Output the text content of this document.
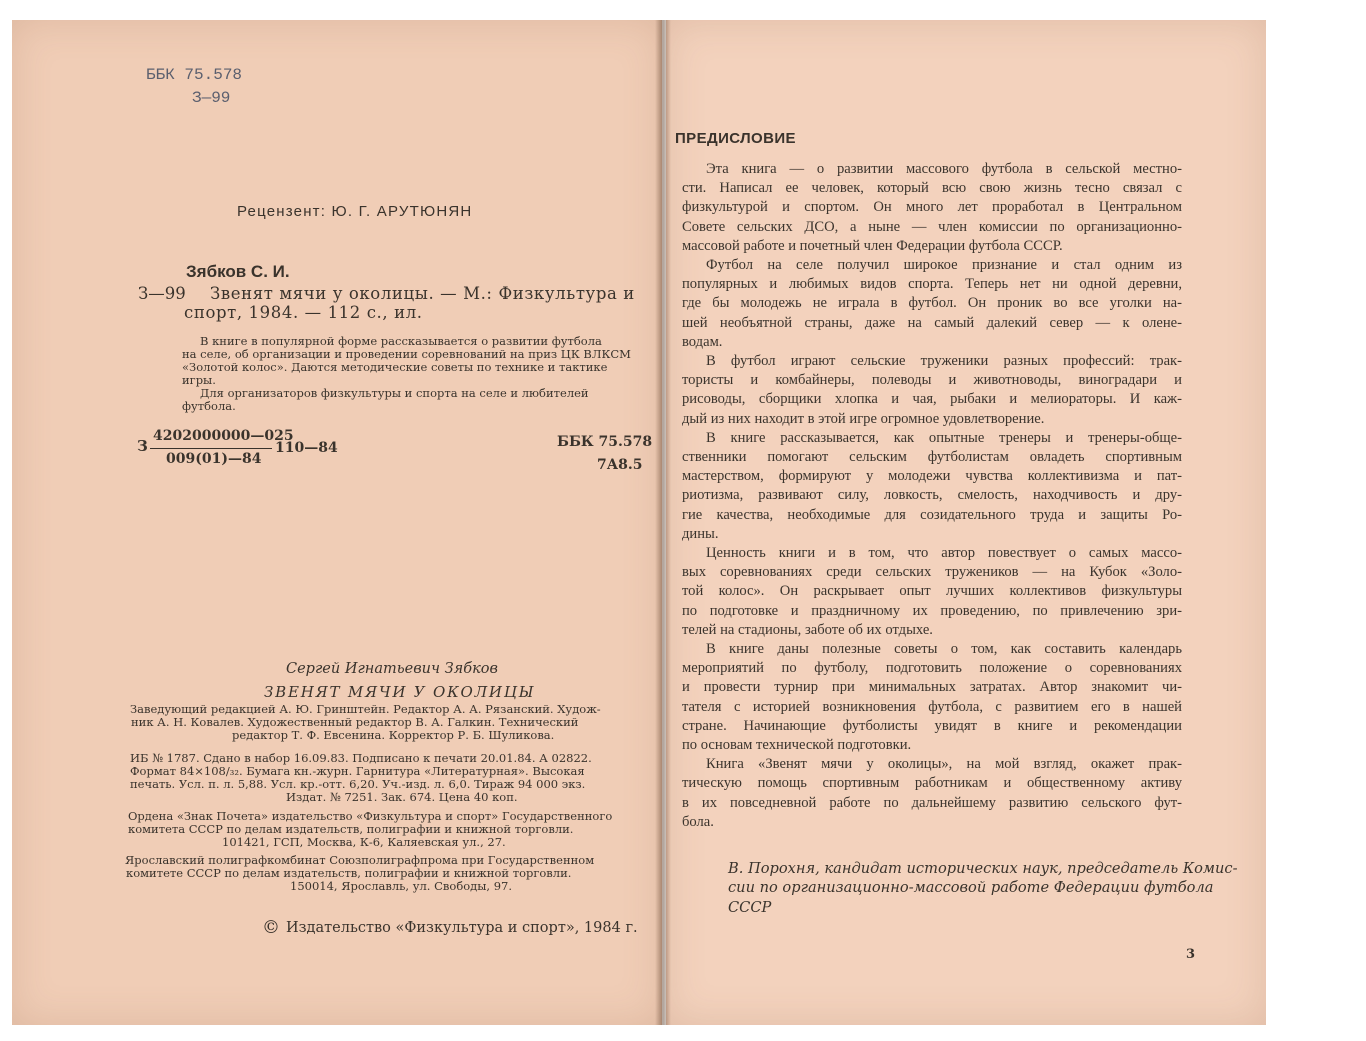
ББК 75.578
З—99
Рецензент: Ю. Г. АРУТЮНЯН
Зябков С. И.
З—99 Звенят мячи у околицы. — М.: Физкультура и
спорт, 1984. — 112 с., ил.
В книге в популярной форме рассказывается о развитии футбола
на селе, об организации и проведении соревнований на приз ЦК ВЛКСМ
«Золотой колос». Даются методические советы по технике и тактике
игры.
Для организаторов физкультуры и спорта на селе и любителей
футбола.
З
4202000000—025
009(01)—84
110—84	ББК 75.578
7А8.5
Сергей Игнатьевич Зябков
ЗВЕНЯТ МЯЧИ У ОКОЛИЦЫ
Заведующий редакцией А. Ю. Гринштейн. Редактор А. А. Рязанский. Худож-
ник А. Н. Ковалев. Художественный редактор В. А. Галкин. Технический
редактор Т. Ф. Евсенина. Корректор Р. Б. Шуликова.
ИБ № 1787. Сдано в набор 16.09.83. Подписано к печати 20.01.84. А 02822.
Формат 84×108/₃₂. Бумага кн.-журн. Гарнитура «Литературная». Высокая
печать. Усл. п. л. 5,88. Усл. кр.-отт. 6,20. Уч.-изд. л. 6,0. Тираж 94 000 экз.
Издат. № 7251. Зак. 674. Цена 40 коп.
Ордена «Знак Почета» издательство «Физкультура и спорт» Государственного
комитета СССР по делам издательств, полиграфии и книжной торговли.
101421, ГСП, Москва, К-6, Каляевская ул., 27.
Ярославский полиграфкомбинат Союзполиграфпрома при Государственном
комитете СССР по делам издательств, полиграфии и книжной торговли.
150014, Ярославль, ул. Свободы, 97.
© Издательство «Физкультура и спорт», 1984 г.
ПРЕДИСЛОВИЕ
Эта книга — о развитии массового футбола в сельской местно-
сти. Написал ее человек, который всю свою жизнь тесно связал с
физкультурой и спортом. Он много лет проработал в Центральном
Совете сельских ДСО, а ныне — член комиссии по организационно-
массовой работе и почетный член Федерации футбола СССР.
Футбол на селе получил широкое признание и стал одним из
популярных и любимых видов спорта. Теперь нет ни одной деревни,
где бы молодежь не играла в футбол. Он проник во все уголки на-
шей необъятной страны, даже на самый далекий север — к олене-
водам.
В футбол играют сельские труженики разных профессий: трак-
тористы и комбайнеры, полеводы и животноводы, виноградари и
рисоводы, сборщики хлопка и чая, рыбаки и мелиораторы. И каж-
дый из них находит в этой игре огромное удовлетворение.
В книге рассказывается, как опытные тренеры и тренеры-обще-
ственники помогают сельским футболистам овладеть спортивным
мастерством, формируют у молодежи чувства коллективизма и пат-
риотизма, развивают силу, ловкость, смелость, находчивость и дру-
гие качества, необходимые для созидательного труда и защиты Ро-
дины.
Ценность книги и в том, что автор повествует о самых массо-
вых соревнованиях среди сельских тружеников — на Кубок «Золо-
той колос». Он раскрывает опыт лучших коллективов физкультуры
по подготовке и праздничному их проведению, по привлечению зри-
телей на стадионы, заботе об их отдыхе.
В книге даны полезные советы о том, как составить календарь
мероприятий по футболу, подготовить положение о соревнованиях
и провести турнир при минимальных затратах. Автор знакомит чи-
тателя с историей возникновения футбола, с развитием его в нашей
стране. Начинающие футболисты увидят в книге и рекомендации
по основам технической подготовки.
Книга «Звенят мячи у околицы», на мой взгляд, окажет прак-
тическую помощь спортивным работникам и общественному активу
в их повседневной работе по дальнейшему развитию сельского фут-
бола.
В. Порохня, кандидат исторических наук, председатель Комис-
сии по организационно-массовой работе Федерации футбола
СССР
3
